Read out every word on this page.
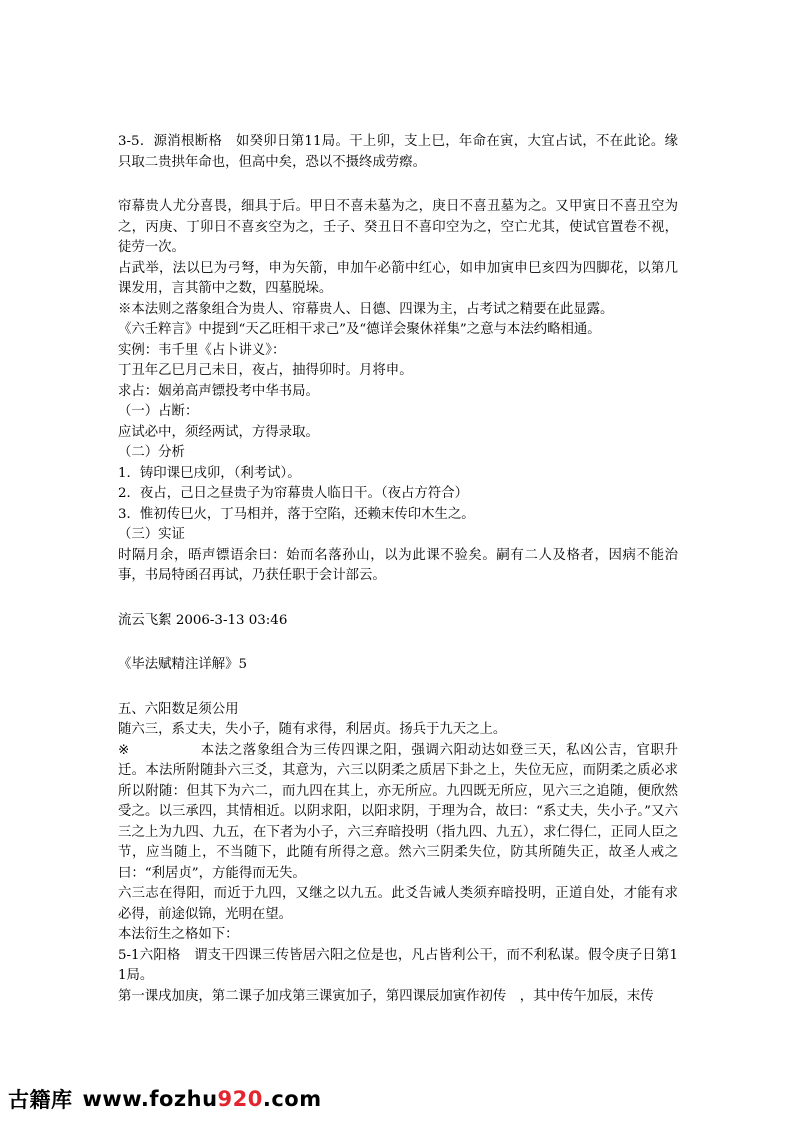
3-5．源消根断格　如癸卯日第11局。干上卯，支上巳，年命在寅，大宜占试，不在此论。缘只取二贵拱年命也，但高中矣，恐以不摄终成劳瘵。

帘幕贵人尤分喜畏，细具于后。甲日不喜未墓为之，庚日不喜丑墓为之。又甲寅日不喜丑空为之，丙庚、丁卯日不喜亥空为之，壬子、癸丑日不喜印空为之，空亡尤其，使试官置卷不视，徒劳一次。

占武举，法以巳为弓弩，申为矢箭，申加午必箭中红心，如申加寅申巳亥四为四脚花，以第几课发用，言其箭中之数，四墓脱垛。

※本法则之落象组合为贵人、帘幕贵人、日德、四课为主，占考试之精要在此显露。

《六壬粹言》中提到“天乙旺相干求己”及“德详会聚休祥集”之意与本法约略相通。

实例：韦千里《占卜讲义》：

丁丑年乙巳月己未日，夜占，抽得卯时。月将申。

求占：姻弟高声镖投考中华书局。

（一）占断：

应试必中，须经两试，方得录取。

（二）分析

1．铸印课巳戌卯，（利考试）。

2．夜占，己日之昼贵子为帘幕贵人临日干。（夜占方符合）

3．惟初传巳火，丁马相并，落于空陷，还赖末传印木生之。

（三）实证

时隔月余，晤声镖语余曰：始而名落孙山，以为此课不验矣。嗣有二人及格者，因病不能治事，书局特函召再试，乃获任职于会计部云。

流云飞絮 2006-3-13 03:46

《毕法赋精注详解》5

五、六阳数足须公用

随六三，系丈夫，失小子，随有求得，利居贞。扬兵于九天之上。

※	本法之落象组合为三传四课之阳，强调六阳动达如登三天，私凶公吉，官职升迁。本法所附随卦六三爻，其意为，六三以阴柔之质居下卦之上，失位无应，而阴柔之质必求所以附随：但其下为六二，而九四在其上，亦无所应。九四既无所应，见六三之追随，便欣然受之。以三承四，其情相近。以阴求阳，以阳求阴，于理为合，故曰：“系丈夫，失小子。”又六三之上为九四、九五，在下者为小子，六三弃暗投明（指九四、九五），求仁得仁，正同人臣之节，应当随上，不当随下，此随有所得之意。然六三阴柔失位，防其所随失正，故圣人戒之曰：“利居贞”，方能得而无失。

六三志在得阳，而近于九四，又继之以九五。此爻告诫人类须弃暗投明，正道自处，才能有求必得，前途似锦，光明在望。

本法衍生之格如下：

5-1六阳格　谓支干四课三传皆居六阳之位是也，凡占皆利公干，而不利私谋。假令庚子日第11局。

第一课戌加庚，第二课子加戌第三课寅加子，第四课辰加寅作初传　，其中传午加辰，末传

古籍库 www.fozhu 920 .com
